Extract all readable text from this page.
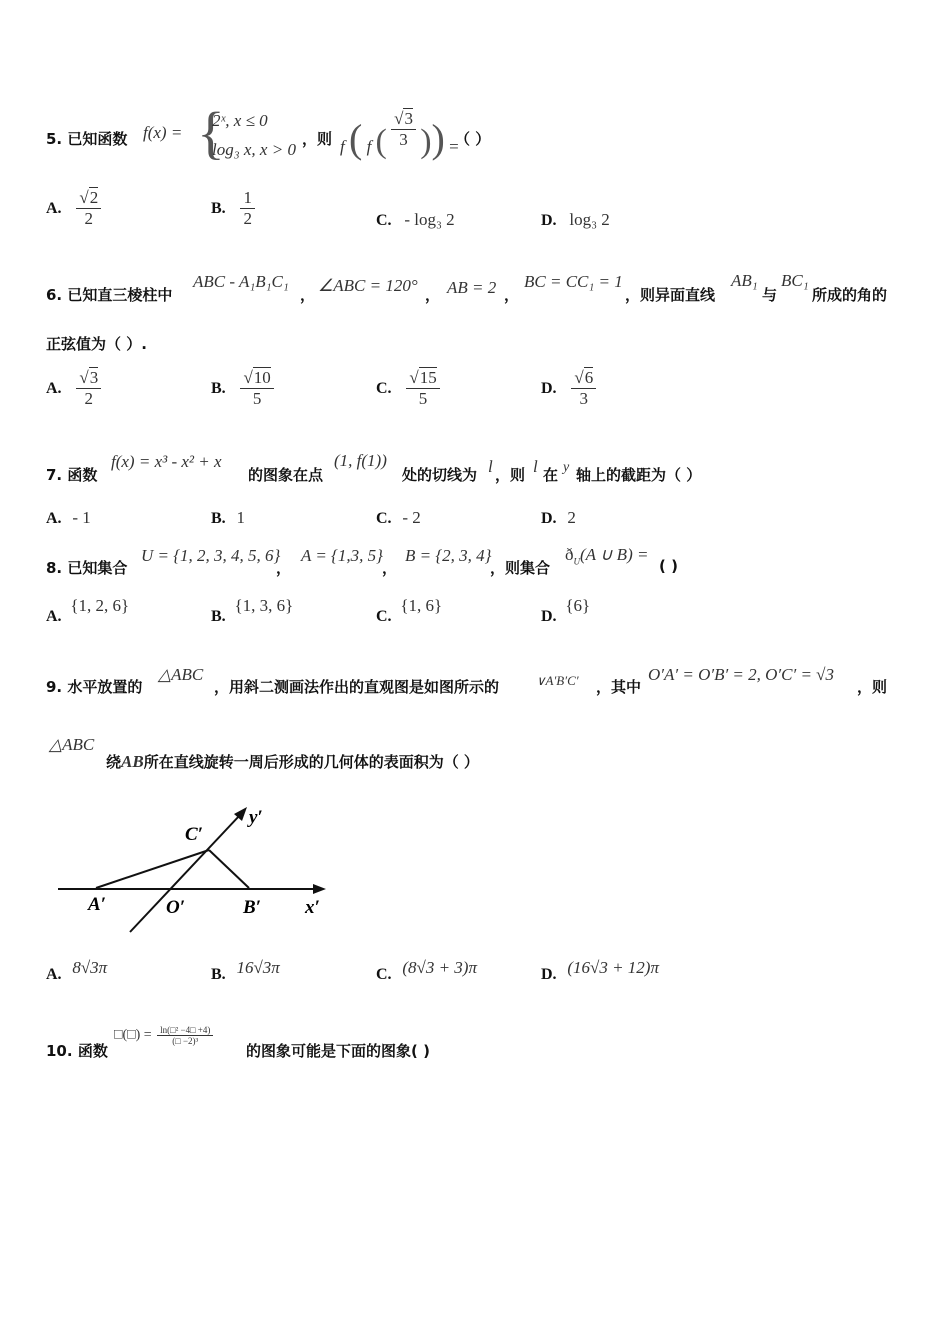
5. 已知函数 f(x) = {
2ˣ, x ≤ 0
log₃ x, x > 0
，则 f ( f ( $\frac{√3}{3}$ )) =
（ ）
A. $\frac{√2}{2}$	B. $\frac{1}{2}$	C. - log₃ 2	D. log₃ 2
6. 已知直三棱柱中
ABC - A₁B₁C₁
， ∠ABC = 120° ， AB = 2 ，
BC = CC₁ = 1
，则异面直线
AB₁
与
BC₁
所成的角的
正弦值为（ ）.
A. $\frac{√3}{2}$	B. $\frac{√10}{5}$	C. $\frac{√15}{5}$	D. $\frac{√6}{3}$
7. 函数
f(x) = x³ - x² + x
的图象在点
(1, f(1))
处的切线为 l ，则 l 在 y 轴上的截距为（ ）
A. - 1	B. 1	C. - 2	D. 2
8. 已知集合
U = {1, 2, 3, 4, 5, 6}
，
A = {1,3, 5}
，
B = {2, 3, 4}
，则集合
$ð_U(A$ ∪ B) =
( )
A. {1, 2, 6}
B. {1, 3, 6}
C. {1, 6}
D. {6}
9. 水平放置的
△ABC
，用斜二测画法作出的直观图是如图所示的	∨A′B′C′ ，其中
O′A′ = O′B′ = 2, O′C′ = √3
，则
△ABC
绕AB所在直线旋转一周后形成的几何体的表面积为（ ）
C′
y′
A′	O′	B′ x′
A. 8√3π	B. 16√3π	C. (8√3 + 3)π	D. (16√3 + 12)π
10. 函数
□(□) = $\frac{\text{ln(□² −4□ +4)}}{\text{(□ −2)³}}$
的图象可能是下面的图象( )
